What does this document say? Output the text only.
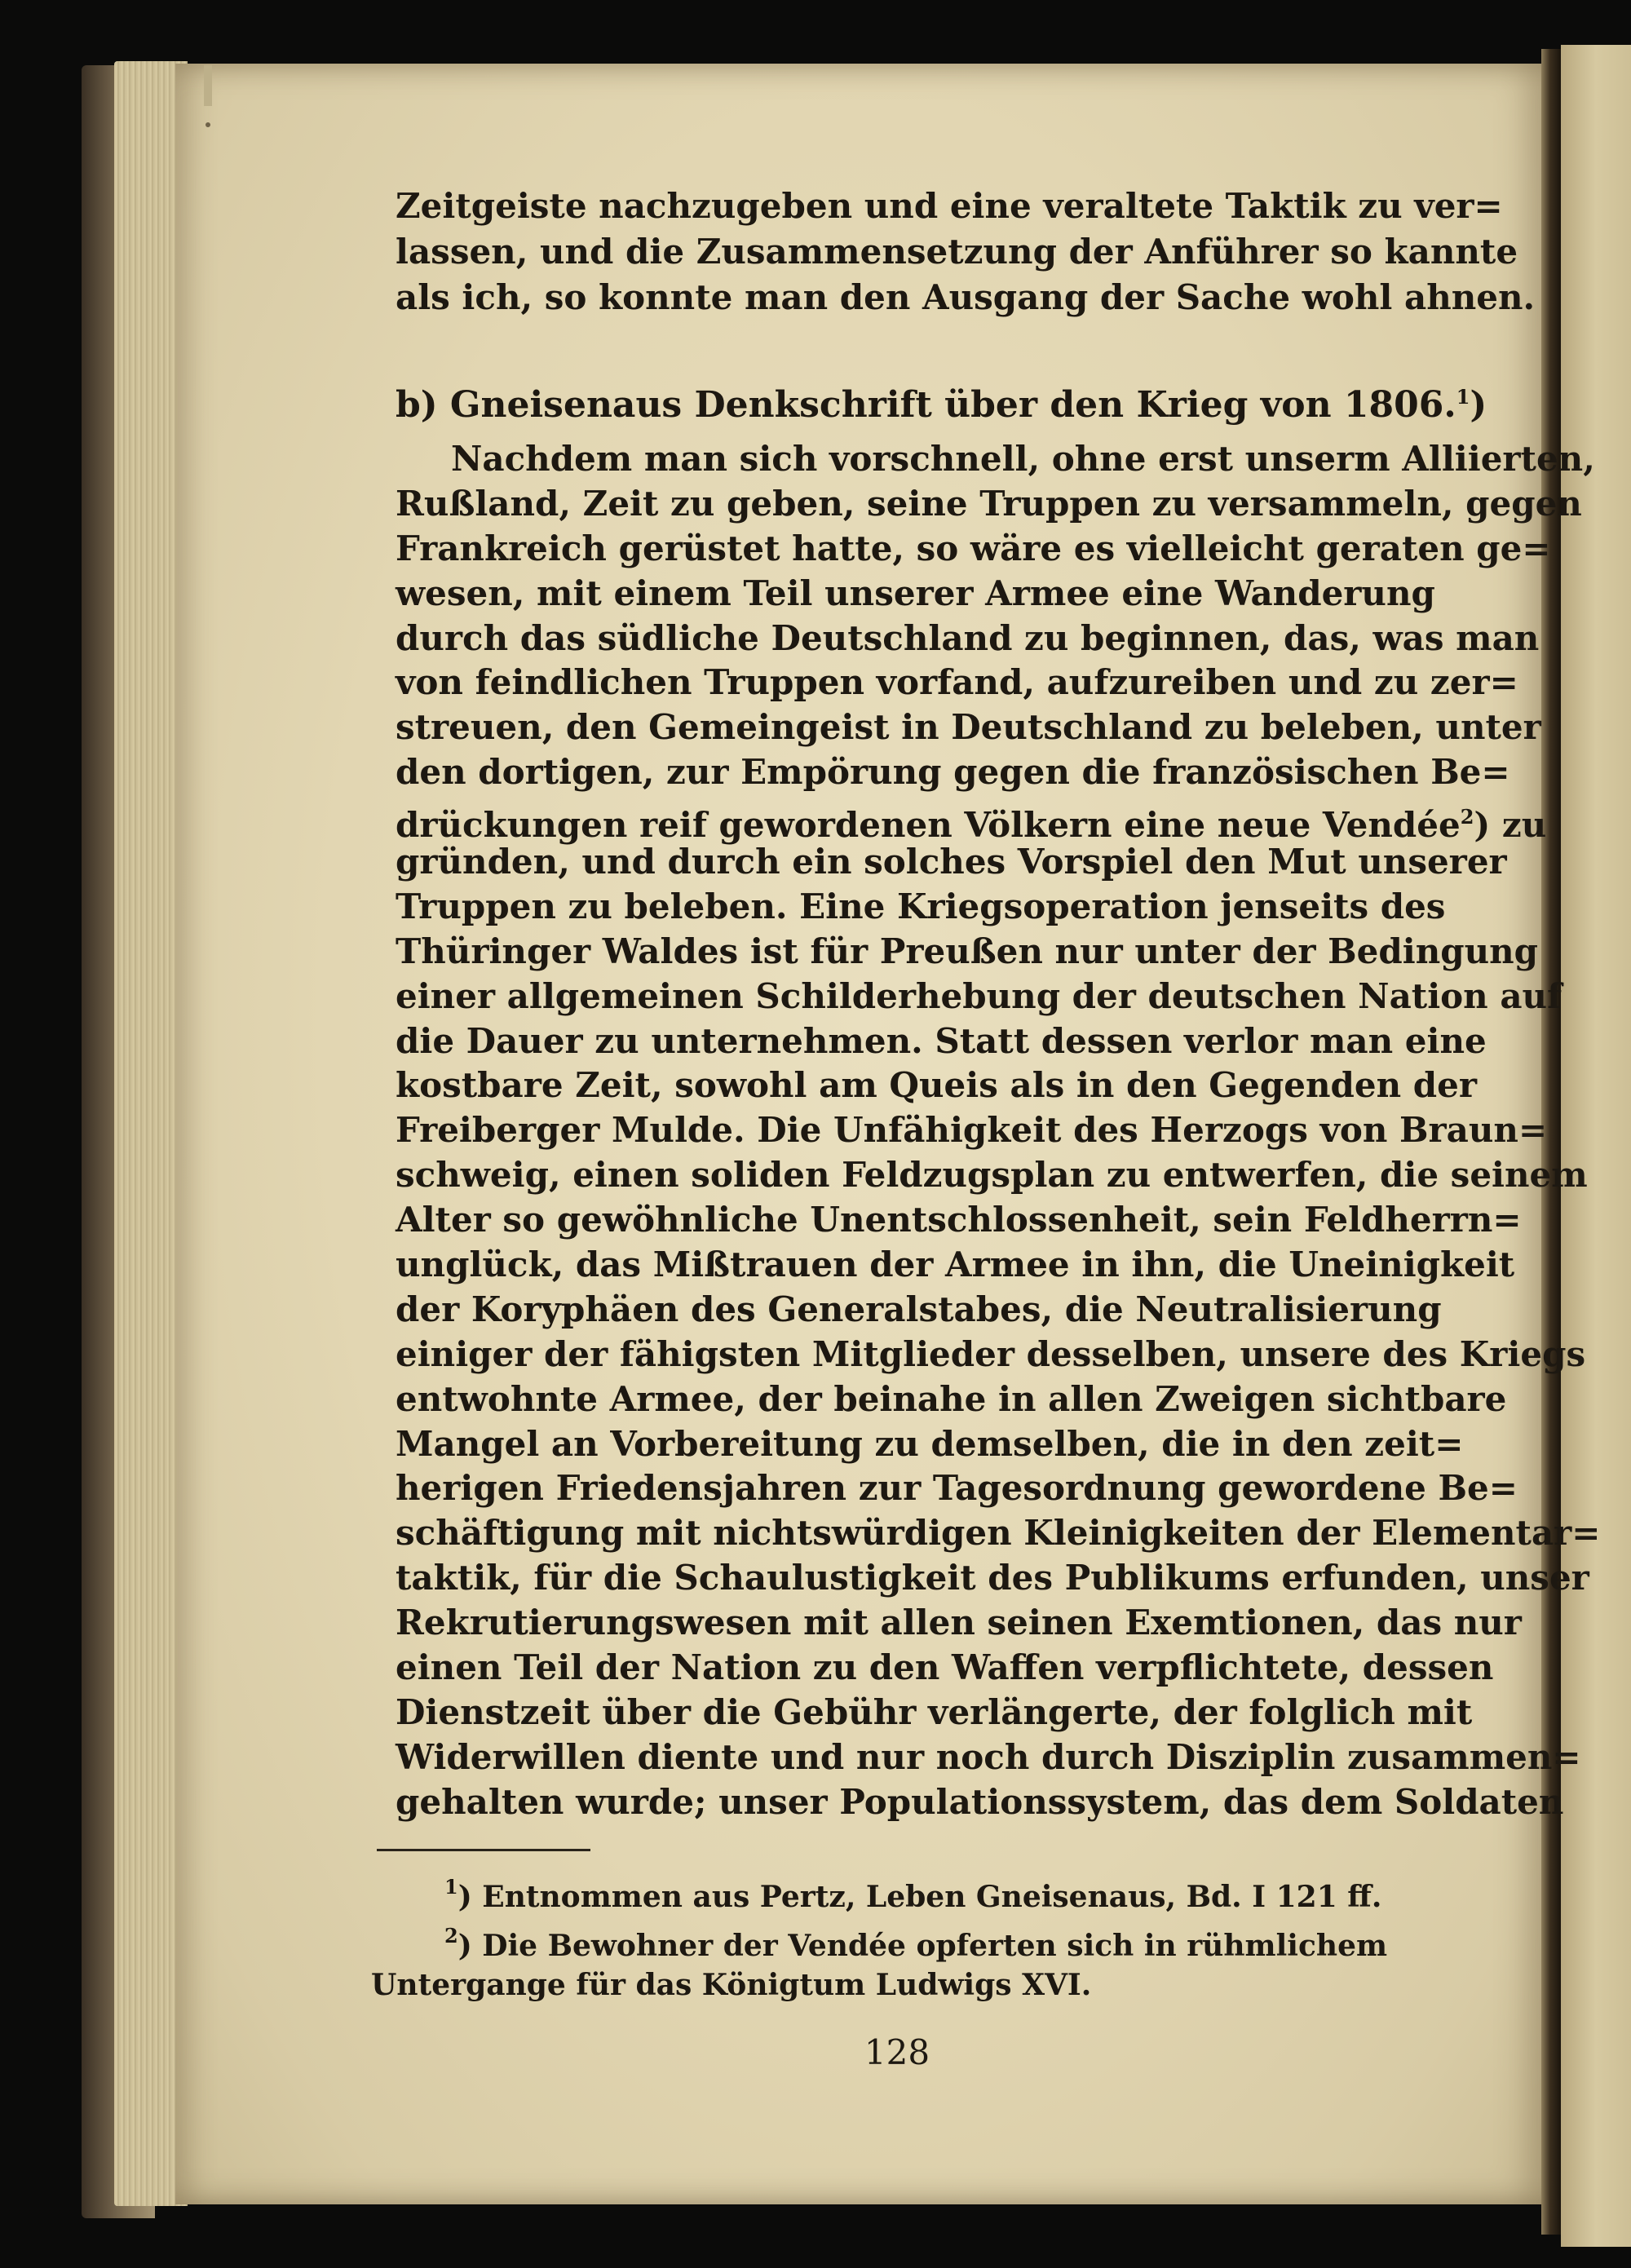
Zeitgeiste nachzugeben und eine veraltete Taktik zu ver=
lassen, und die Zusammensetzung der Anführer so kannte
als ich, so konnte man den Ausgang der Sache wohl ahnen.
b) Gneisenaus Denkschrift über den Krieg von 1806.$^1$)
Nachdem man sich vorschnell, ohne erst unserm Alliierten,
Rußland, Zeit zu geben, seine Truppen zu versammeln, gegen
Frankreich gerüstet hatte, so wäre es vielleicht geraten ge=
wesen, mit einem Teil unserer Armee eine Wanderung
durch das südliche Deutschland zu beginnen, das, was man
von feindlichen Truppen vorfand, aufzureiben und zu zer=
streuen, den Gemeingeist in Deutschland zu beleben, unter
den dortigen, zur Empörung gegen die französischen Be=
drückungen reif gewordenen Völkern eine neue Vendée$^2$) zu
gründen, und durch ein solches Vorspiel den Mut unserer
Truppen zu beleben. Eine Kriegsoperation jenseits des
Thüringer Waldes ist für Preußen nur unter der Bedingung
einer allgemeinen Schilderhebung der deutschen Nation auf
die Dauer zu unternehmen. Statt dessen verlor man eine
kostbare Zeit, sowohl am Queis als in den Gegenden der
Freiberger Mulde. Die Unfähigkeit des Herzogs von Braun=
schweig, einen soliden Feldzugsplan zu entwerfen, die seinem
Alter so gewöhnliche Unentschlossenheit, sein Feldherrn=
unglück, das Mißtrauen der Armee in ihn, die Uneinigkeit
der Koryphäen des Generalstabes, die Neutralisierung
einiger der fähigsten Mitglieder desselben, unsere des Kriegs
entwohnte Armee, der beinahe in allen Zweigen sichtbare
Mangel an Vorbereitung zu demselben, die in den zeit=
herigen Friedensjahren zur Tagesordnung gewordene Be=
schäftigung mit nichtswürdigen Kleinigkeiten der Elementar=
taktik, für die Schaulustigkeit des Publikums erfunden, unser
Rekrutierungswesen mit allen seinen Exemtionen, das nur
einen Teil der Nation zu den Waffen verpflichtete, dessen
Dienstzeit über die Gebühr verlängerte, der folglich mit
Widerwillen diente und nur noch durch Disziplin zusammen=
gehalten wurde; unser Populationssystem, das dem Soldaten
$^1$) Entnommen aus Pertz, Leben Gneisenaus, Bd. I 121 ff.
$^2$) Die Bewohner der Vendée opferten sich in rühmlichem
Untergange für das Königtum Ludwigs XVI.
128
